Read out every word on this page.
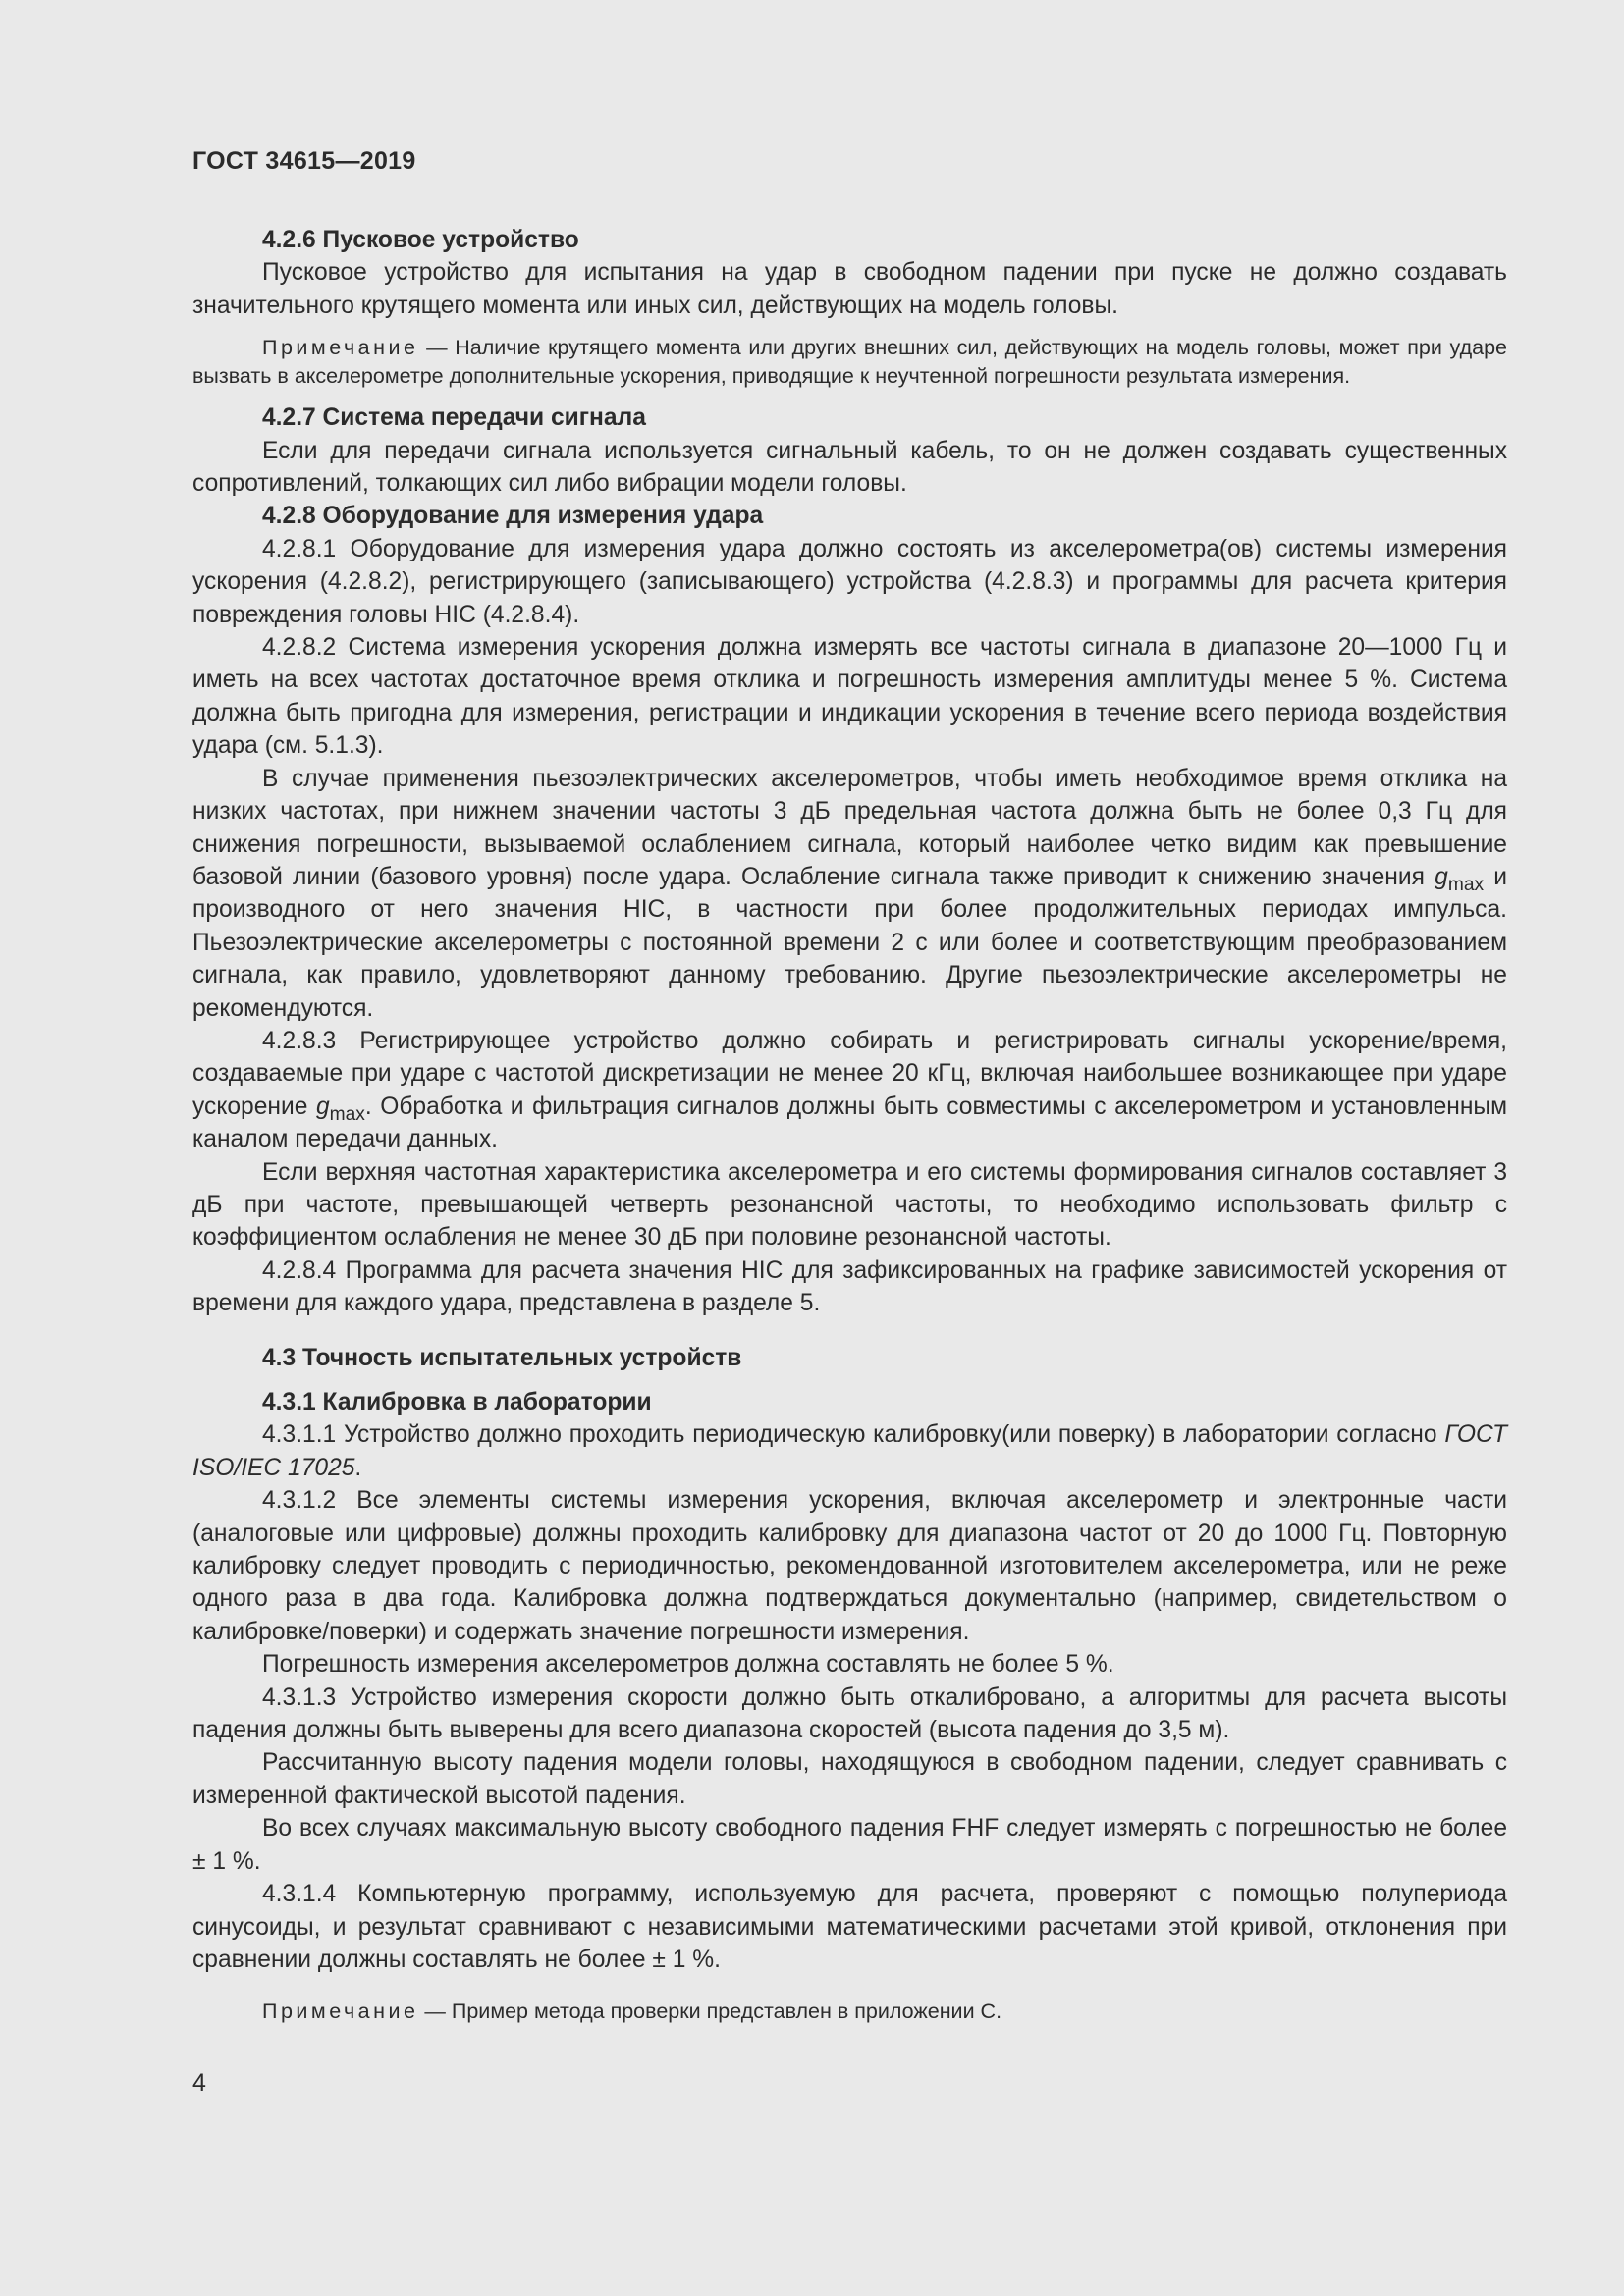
ГОСТ 34615—2019

4.2.6 Пусковое устройство

Пусковое устройство для испытания на удар в свободном падении при пуске не должно создавать значительного крутящего момента или иных сил, действующих на модель головы.

Примечание — Наличие крутящего момента или других внешних сил, действующих на модель головы, может при ударе вызвать в акселерометре дополнительные ускорения, приводящие к неучтенной погрешности результата измерения.

4.2.7 Система передачи сигнала

Если для передачи сигнала используется сигнальный кабель, то он не должен создавать существенных сопротивлений, толкающих сил либо вибрации модели головы.

4.2.8 Оборудование для измерения удара

4.2.8.1 Оборудование для измерения удара должно состоять из акселерометра(ов) системы измерения ускорения (4.2.8.2), регистрирующего (записывающего) устройства (4.2.8.3) и программы для расчета критерия повреждения головы HIC (4.2.8.4).

4.2.8.2 Система измерения ускорения должна измерять все частоты сигнала в диапазоне 20—1000 Гц и иметь на всех частотах достаточное время отклика и погрешность измерения амплитуды менее 5 %. Система должна быть пригодна для измерения, регистрации и индикации ускорения в течение всего периода воздействия удара (см. 5.1.3).

В случае применения пьезоэлектрических акселерометров, чтобы иметь необходимое время отклика на низких частотах, при нижнем значении частоты 3 дБ предельная частота должна быть не более 0,3 Гц для снижения погрешности, вызываемой ослаблением сигнала, который наиболее четко видим как превышение базовой линии (базового уровня) после удара. Ослабление сигнала также приводит к снижению значения $g_{max}$ и производного от него значения HIC, в частности при более продолжительных периодах импульса. Пьезоэлектрические акселерометры с постоянной времени 2 с или более и соответствующим преобразованием сигнала, как правило, удовлетворяют данному требованию. Другие пьезоэлектрические акселерометры не рекомендуются.

4.2.8.3 Регистрирующее устройство должно собирать и регистрировать сигналы ускорение/время, создаваемые при ударе с частотой дискретизации не менее 20 кГц, включая наибольшее возникающее при ударе ускорение $g_{max}$. Обработка и фильтрация сигналов должны быть совместимы с акселерометром и установленным каналом передачи данных.

Если верхняя частотная характеристика акселерометра и его системы формирования сигналов составляет 3 дБ при частоте, превышающей четверть резонансной частоты, то необходимо использовать фильтр с коэффициентом ослабления не менее 30 дБ при половине резонансной частоты.

4.2.8.4 Программа для расчета значения HIC для зафиксированных на графике зависимостей ускорения от времени для каждого удара, представлена в разделе 5.

4.3 Точность испытательных устройств

4.3.1 Калибровка в лаборатории

4.3.1.1 Устройство должно проходить периодическую калибровку(или поверку) в лаборатории согласно ГОСТ ISO/IEC 17025.

4.3.1.2 Все элементы системы измерения ускорения, включая акселерометр и электронные части (аналоговые или цифровые) должны проходить калибровку для диапазона частот от 20 до 1000 Гц. Повторную калибровку следует проводить с периодичностью, рекомендованной изготовителем акселерометра, или не реже одного раза в два года. Калибровка должна подтверждаться документально (например, свидетельством о калибровке/поверки) и содержать значение погрешности измерения.

Погрешность измерения акселерометров должна составлять не более 5 %.

4.3.1.3 Устройство измерения скорости должно быть откалибровано, а алгоритмы для расчета высоты падения должны быть выверены для всего диапазона скоростей (высота падения до 3,5 м).

Рассчитанную высоту падения модели головы, находящуюся в свободном падении, следует сравнивать с измеренной фактической высотой падения.

Во всех случаях максимальную высоту свободного падения FHF следует измерять с погрешностью не более ± 1 %.

4.3.1.4 Компьютерную программу, используемую для расчета, проверяют с помощью полупериода синусоиды, и результат сравнивают с независимыми математическими расчетами этой кривой, отклонения при сравнении должны составлять не более ± 1 %.

Примечание — Пример метода проверки представлен в приложении С.

4
